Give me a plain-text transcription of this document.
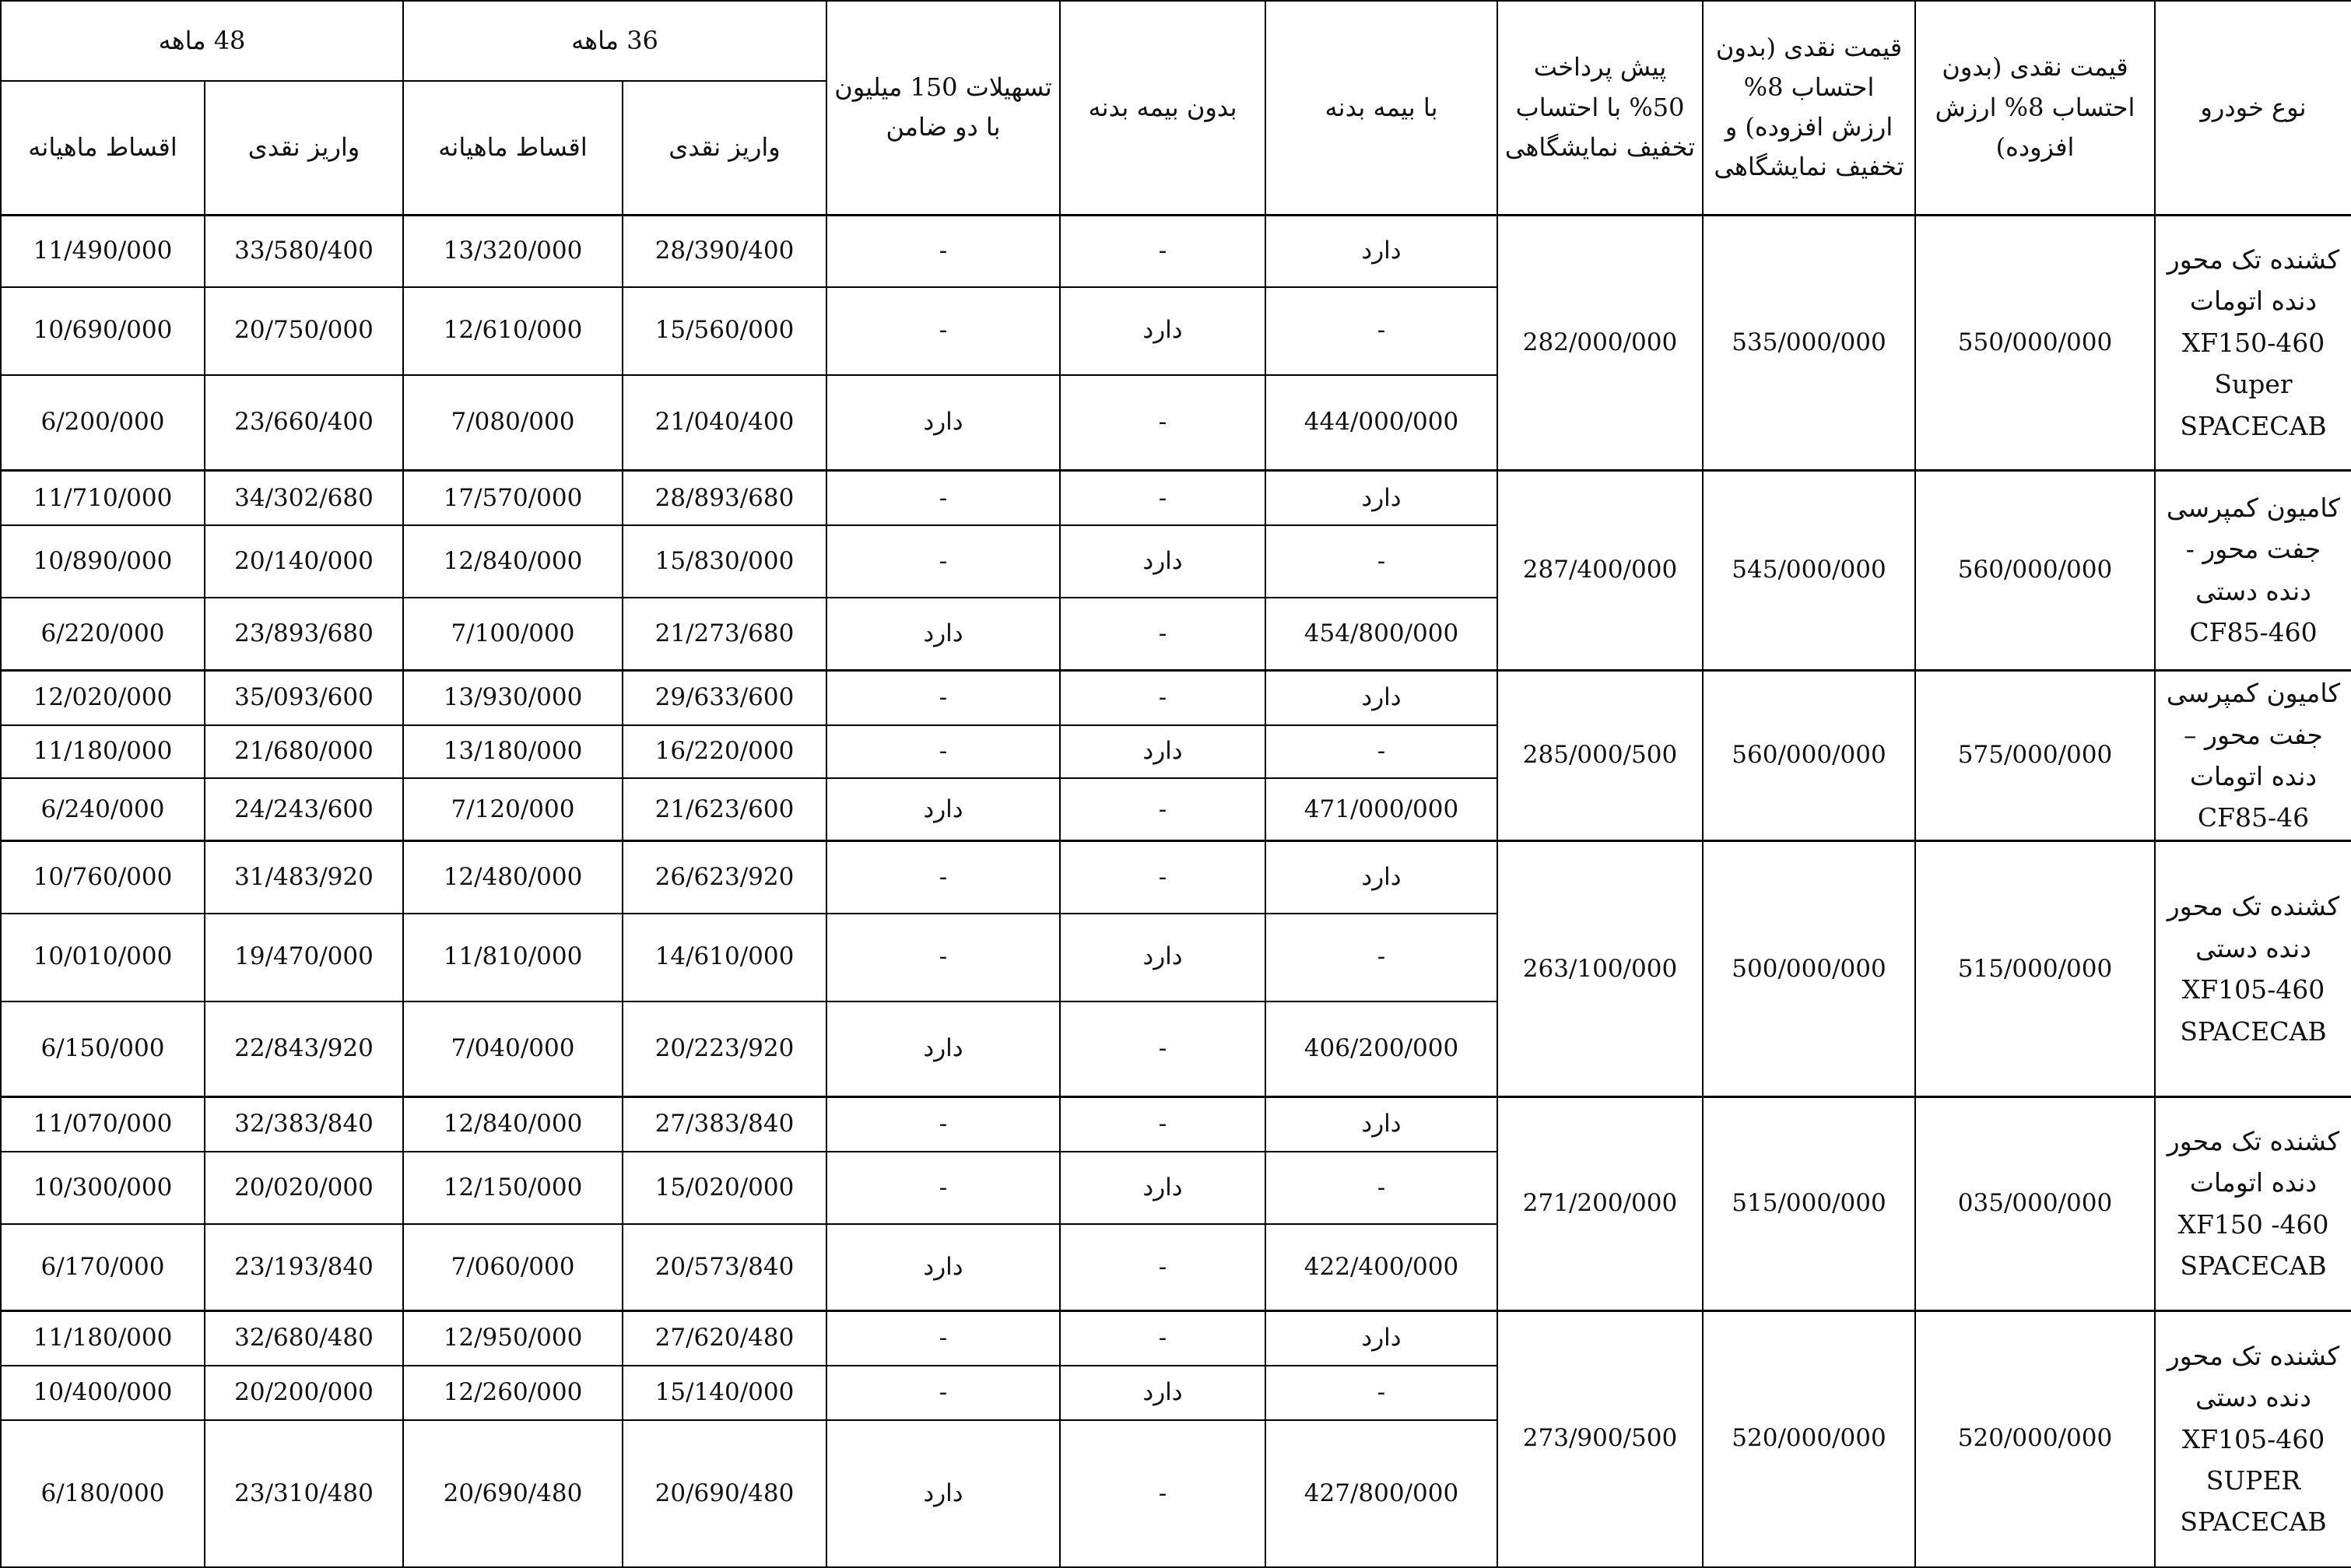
نوع خودرو	قیمت نقدی (بدون احتساب 8% ارزش افزوده)	قیمت نقدی (بدون احتساب 8% ارزش افزوده) و تخفیف نمایشگاهی	پیش پرداخت 50% با احتساب تخفیف نمایشگاهی	با بیمه بدنه	بدون بیمه بدنه	تسهیلات 150 میلیون با دو ضامن	36 ماهه		48 ماهه	
							واریز نقدی	اقساط ماهیانه	واریز نقدی	اقساط ماهیانه
کشنده تک محور دنده اتومات XF150-460 Super SPACECAB	550/000/000	535/000/000	282/000/000	دارد	-	-	28/390/400	13/320/000	33/580/400	11/490/000
				-	دارد	-	15/560/000	12/610/000	20/750/000	10/690/000
				444/000/000	-	دارد	21/040/400	7/080/000	23/660/400	6/200/000
کامیون کمپرسی جفت محور - دنده دستی CF85-460	560/000/000	545/000/000	287/400/000	دارد	-	-	28/893/680	17/570/000	34/302/680	11/710/000
				-	دارد	-	15/830/000	12/840/000	20/140/000	10/890/000
				454/800/000	-	دارد	21/273/680	7/100/000	23/893/680	6/220/000
کامیون کمپرسی جفت محور – دنده اتومات CF85-46	575/000/000	560/000/000	285/000/500	دارد	-	-	29/633/600	13/930/000	35/093/600	12/020/000
				-	دارد	-	16/220/000	13/180/000	21/680/000	11/180/000
				471/000/000	-	دارد	21/623/600	7/120/000	24/243/600	6/240/000
کشنده تک محور دنده دستی XF105-460 SPACECAB	515/000/000	500/000/000	263/100/000	دارد	-	-	26/623/920	12/480/000	31/483/920	10/760/000
				-	دارد	-	14/610/000	11/810/000	19/470/000	10/010/000
				406/200/000	-	دارد	20/223/920	7/040/000	22/843/920	6/150/000
کشنده تک محور دنده اتومات XF150 -460 SPACECAB	035/000/000	515/000/000	271/200/000	دارد	-	-	27/383/840	12/840/000	32/383/840	11/070/000
				-	دارد	-	15/020/000	12/150/000	20/020/000	10/300/000
				422/400/000	-	دارد	20/573/840	7/060/000	23/193/840	6/170/000
کشنده تک محور دنده دستی XF105-460 SUPER SPACECAB	520/000/000	520/000/000	273/900/500	دارد	-	-	27/620/480	12/950/000	32/680/480	11/180/000
				-	دارد	-	15/140/000	12/260/000	20/200/000	10/400/000
				427/800/000	-	دارد	20/690/480	20/690/480	23/310/480	6/180/000
